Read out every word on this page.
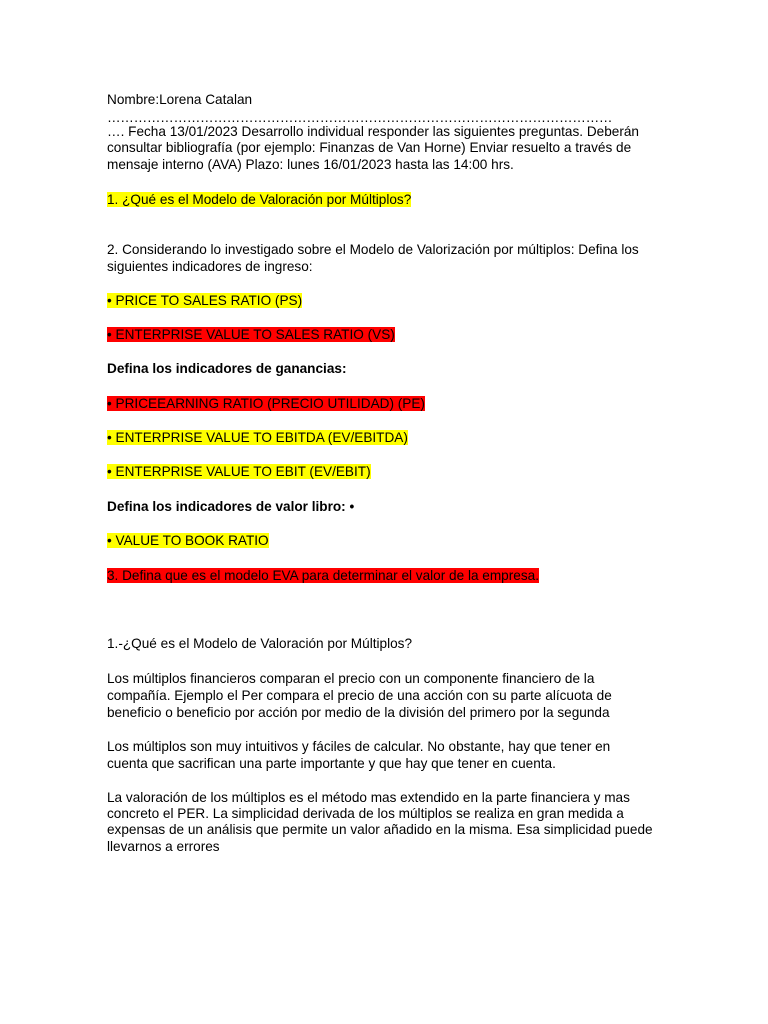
Nombre:Lorena Catalan

……………………………………………………………………………………………………

…. Fecha 13/01/2023 Desarrollo individual responder las siguientes preguntas. Deberán

consultar bibliografía (por ejemplo: Finanzas de Van Horne) Enviar resuelto a través de

mensaje interno (AVA) Plazo: lunes 16/01/2023 hasta las 14:00 hrs.

1. ¿Qué es el Modelo de Valoración por Múltiplos?

2. Considerando lo investigado sobre el Modelo de Valorización por múltiplos: Defina los

siguientes indicadores de ingreso:

• PRICE TO SALES RATIO (PS)

• ENTERPRISE VALUE TO SALES RATIO (VS)

Defina los indicadores de ganancias:

• PRICEEARNING RATIO (PRECIO UTILIDAD) (PE)

• ENTERPRISE VALUE TO EBITDA (EV/EBITDA)

• ENTERPRISE VALUE TO EBIT (EV/EBIT)

Defina los indicadores de valor libro: •

• VALUE TO BOOK RATIO

3. Defina que es el modelo EVA para determinar el valor de la empresa.

1.-¿Qué es el Modelo de Valoración por Múltiplos?

Los múltiplos financieros comparan el precio con un componente financiero de la

compañía. Ejemplo el Per compara el precio de una acción con su parte alícuota de

beneficio o beneficio por acción por medio de la división del primero por la segunda

Los múltiplos son muy intuitivos y fáciles de calcular. No obstante, hay que tener en

cuenta que sacrifican una parte importante y que hay que tener en cuenta.

La valoración de los múltiplos es el método mas extendido en la parte financiera y mas

concreto el PER. La simplicidad derivada de los múltiplos se realiza en gran medida a

expensas de un análisis que permite un valor añadido en la misma. Esa simplicidad puede

llevarnos a errores
